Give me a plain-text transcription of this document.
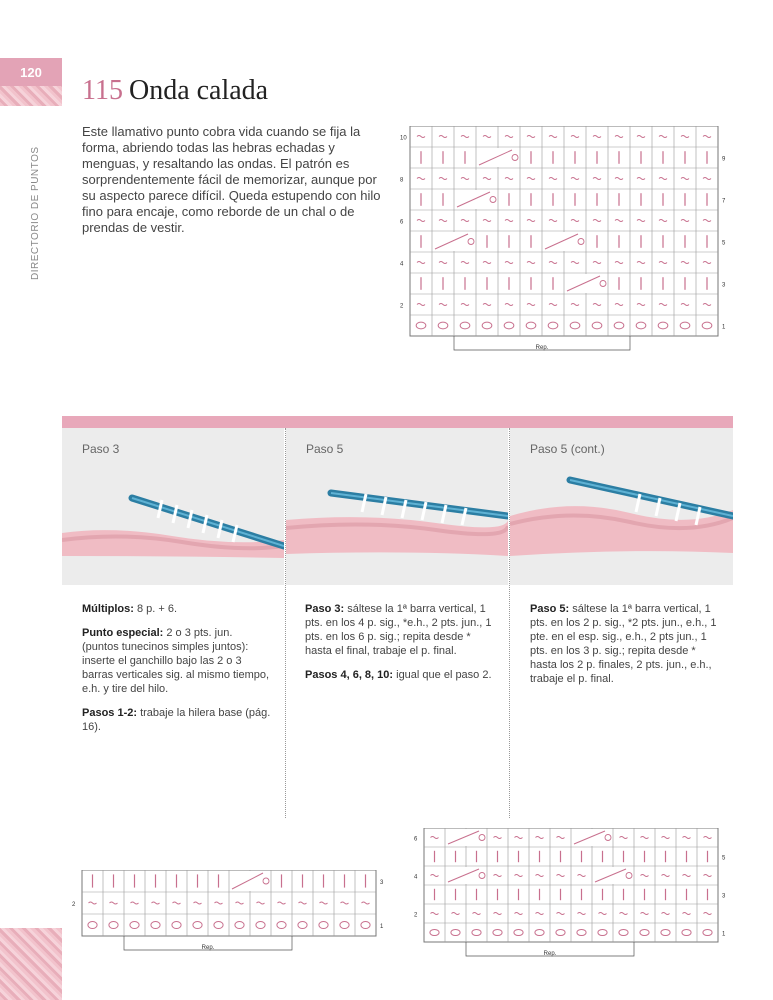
120
DIRECTORIO DE PUNTOS
115 Onda calada
Este llamativo punto cobra vida cuando se fija la forma, abriendo todas las hebras echadas y menguas, y resaltando las ondas. El patrón es sorprendentemente fácil de memorizar, aunque por su aspecto parece difícil. Queda estupendo con hilo fino para encaje, como reborde de un chal o de prendas de vestir.
10
9
8
7
6
5
4
3
2
1
Rep.
Paso 3	Paso 5	Paso 5 (cont.)

Múltiplos: 8 p. + 6.

Punto especial: 2 o 3 pts. jun. (puntos tunecinos simples juntos): inserte el ganchillo bajo las 2 o 3 barras verticales sig. al mismo tiempo, e.h. y tire del hilo.

Pasos 1-2: trabaje la hilera base (pág. 16).

Paso 3: sáltese la 1ª barra vertical, 1 pts. en los 4 p. sig., *e.h., 2 pts. jun., 1 pts. en los 6 p. sig.; repita desde * hasta el final, trabaje el p. final.

Pasos 4, 6, 8, 10: igual que el paso 2.

Paso 5: sáltese la 1ª barra vertical, 1 pts. en los 2 p. sig., *2 pts. jun., e.h., 1 pte. en el esp. sig., e.h., 2 pts jun., 1 pts. en los 3 p. sig.; repita desde * hasta los 2 p. finales, 2 pts. jun., e.h., trabaje el p. final.

3
2
1
Rep.
6
5
4
3
2
1
Rep.
